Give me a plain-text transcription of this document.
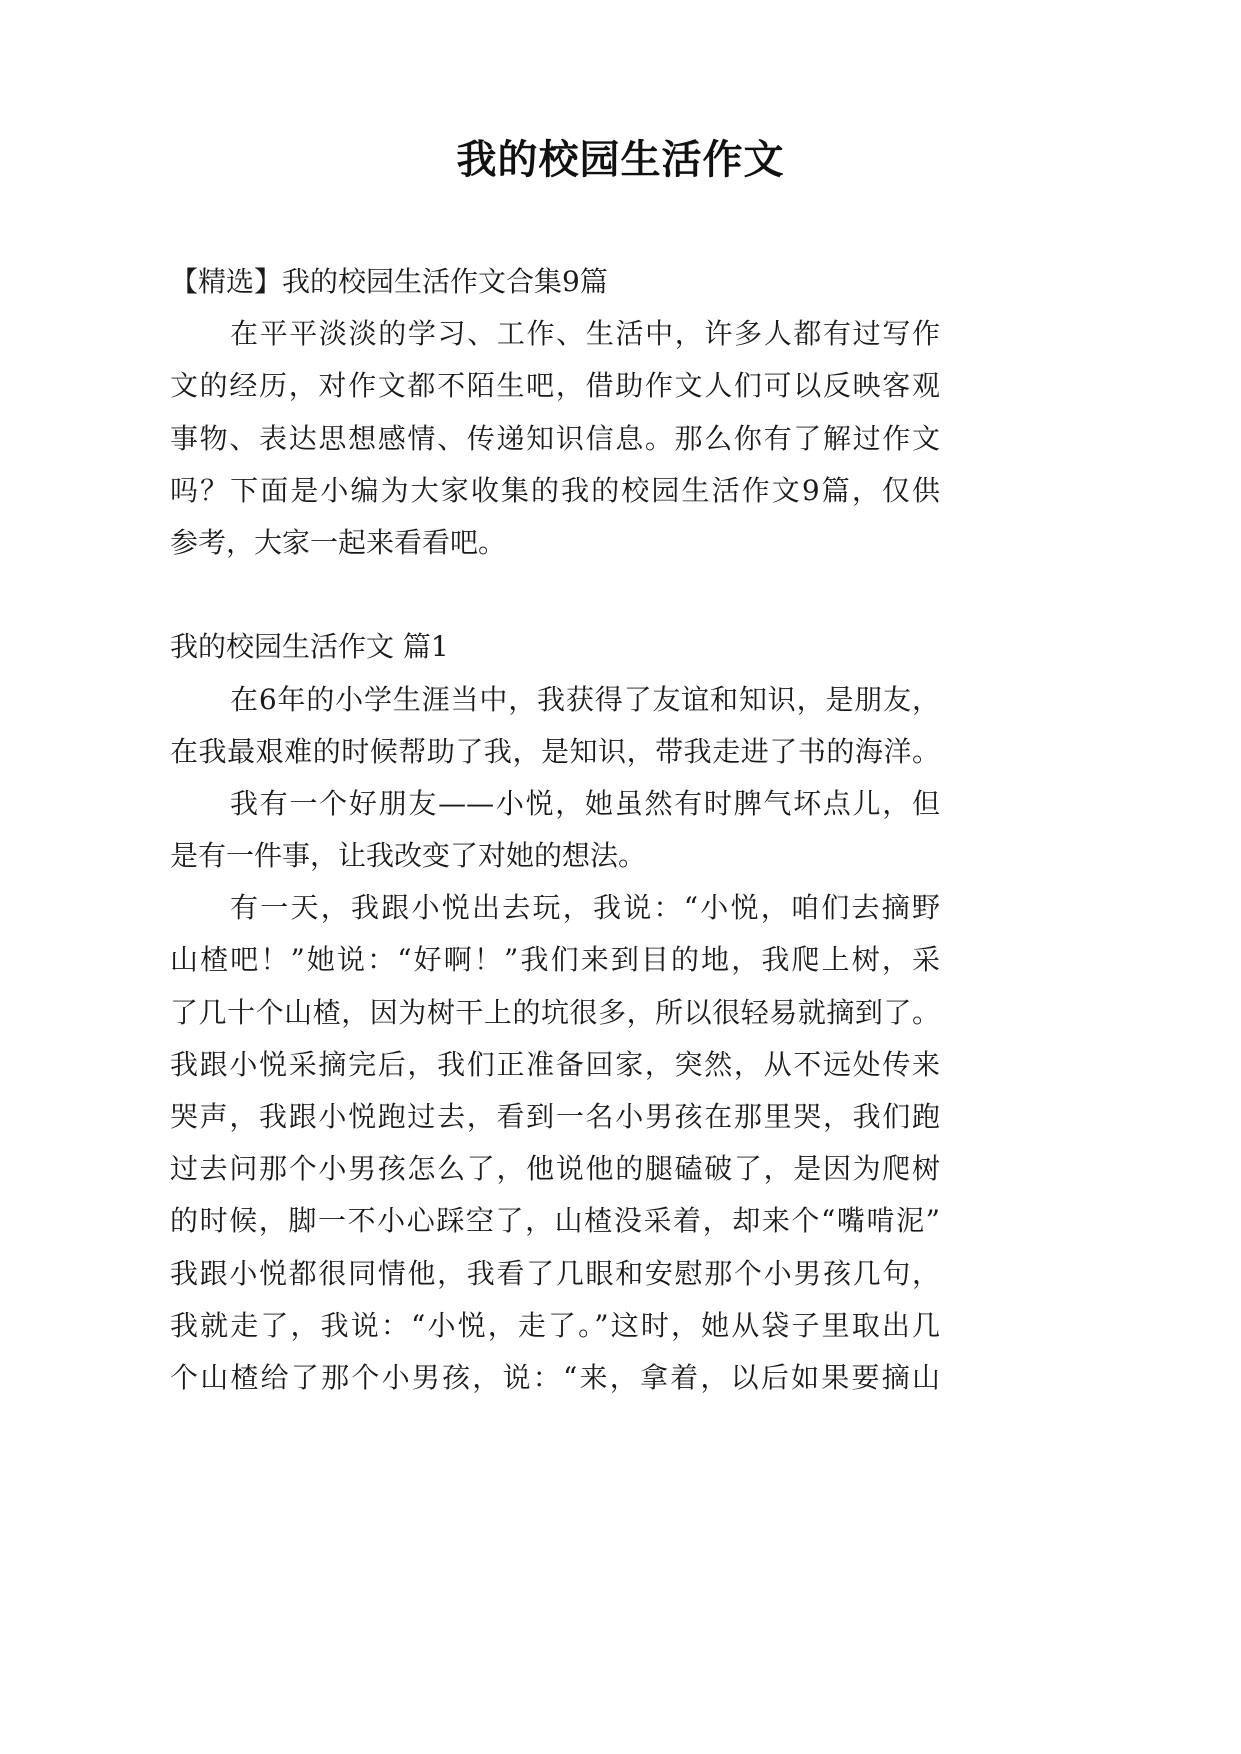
我的校园生活作文
【精选】我的校园生活作文合集9篇
在平平淡淡的学习、工作、生活中，许多人都有过写作
文的经历，对作文都不陌生吧，借助作文人们可以反映客观
事物、表达思想感情、传递知识信息。那么你有了解过作文
吗？下面是小编为大家收集的我的校园生活作文9篇，仅供
参考，大家一起来看看吧。
我的校园生活作文 篇1
在6年的小学生涯当中，我获得了友谊和知识，是朋友，
在我最艰难的时候帮助了我，是知识，带我走进了书的海洋。
我有一个好朋友——小悦，她虽然有时脾气坏点儿，但
是有一件事，让我改变了对她的想法。
有一天，我跟小悦出去玩，我说：“小悦，咱们去摘野
山楂吧！”她说：“好啊！”我们来到目的地，我爬上树，采
了几十个山楂，因为树干上的坑很多，所以很轻易就摘到了。
我跟小悦采摘完后，我们正准备回家，突然，从不远处传来
哭声，我跟小悦跑过去，看到一名小男孩在那里哭，我们跑
过去问那个小男孩怎么了，他说他的腿磕破了，是因为爬树
的时候，脚一不小心踩空了，山楂没采着，却来个“嘴啃泥”
我跟小悦都很同情他，我看了几眼和安慰那个小男孩几句，
我就走了，我说：“小悦，走了。”这时，她从袋子里取出几
个山楂给了那个小男孩，说：“来，拿着，以后如果要摘山
